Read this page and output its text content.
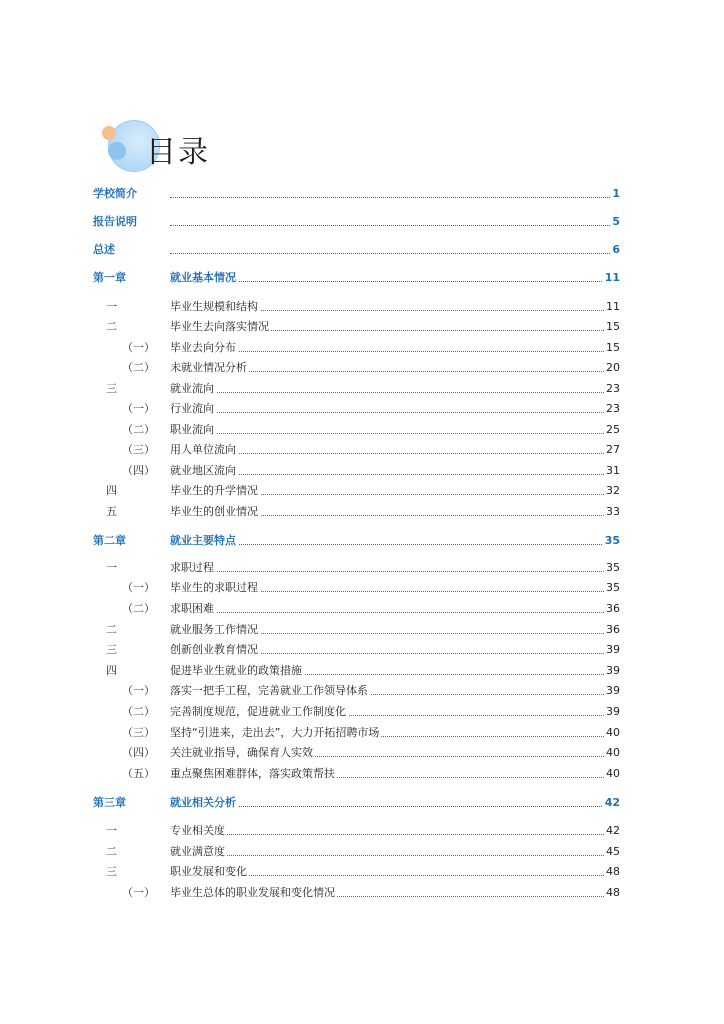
目录
学校简介	1
报告说明	5
总述	6
第一章	就业基本情况	11
一	毕业生规模和结构	11
二	毕业生去向落实情况	15
（一） 毕业去向分布	15
（二） 未就业情况分析	20
三	就业流向	23
（一） 行业流向	23
（二） 职业流向	25
（三） 用人单位流向	27
（四） 就业地区流向	31
四	毕业生的升学情况	32
五	毕业生的创业情况	33
第二章	就业主要特点	35
一	求职过程	35
（一） 毕业生的求职过程	35
（二） 求职困难	36
二	就业服务工作情况	36
三	创新创业教育情况	39
四	促进毕业生就业的政策措施	39
（一） 落实一把手工程，完善就业工作领导体系	39
（二） 完善制度规范，促进就业工作制度化	39
（三） 坚持“引进来，走出去”，大力开拓招聘市场	40
（四） 关注就业指导，确保育人实效	40
（五） 重点聚焦困难群体，落实政策帮扶	40
第三章	就业相关分析	42
一	专业相关度	42
二	就业满意度	45
三	职业发展和变化	48
（一） 毕业生总体的职业发展和变化情况	48
